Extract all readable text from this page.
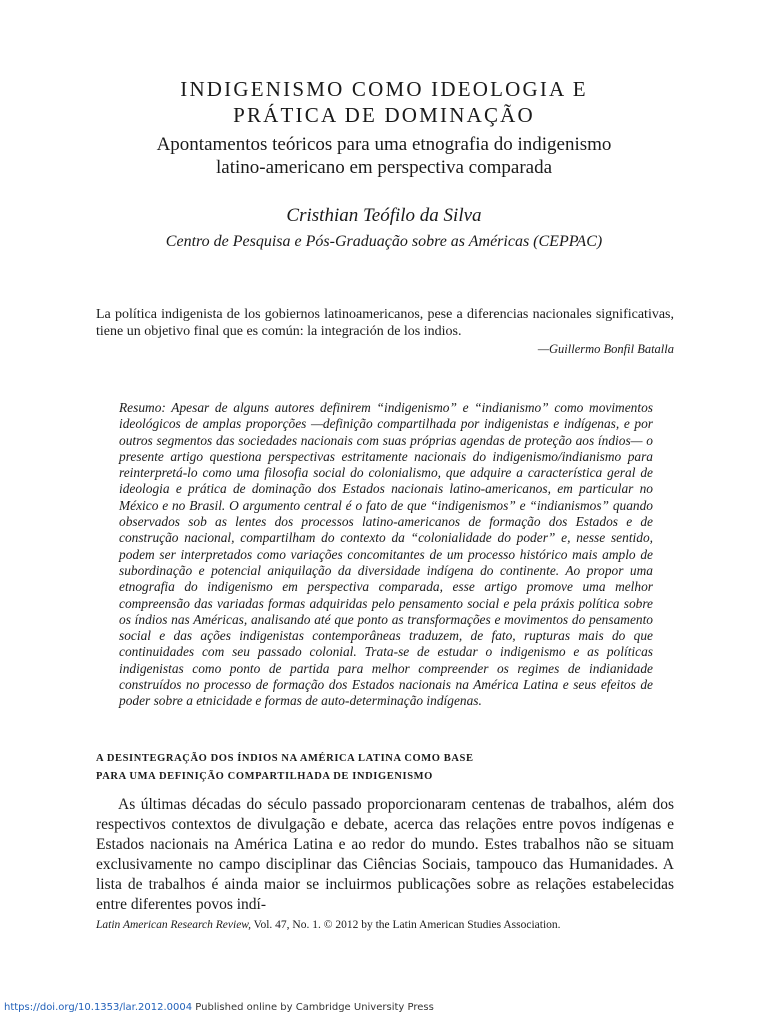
INDIGENISMO COMO IDEOLOGIA E
PRÁTICA DE DOMINAÇÃO
Apontamentos teóricos para uma etnografia do indigenismo
latino-americano em perspectiva comparada
Cristhian Teófilo da Silva
Centro de Pesquisa e Pós-Graduação sobre as Américas (CEPPAC)
La política indigenista de los gobiernos latinoamericanos, pese a diferencias nacionales significativas, tiene un objetivo final que es común: la integración de los indios.
—Guillermo Bonfil Batalla
Resumo: Apesar de alguns autores definirem “indigenismo” e “indianismo” como movimentos ideológicos de amplas proporções —definição compartilhada por indigenistas e indígenas, e por outros segmentos das sociedades nacionais com suas próprias agendas de proteção aos índios— o presente artigo questiona perspectivas estritamente nacionais do indigenismo/indianismo para reinterpretá-lo como uma filosofia social do colonialismo, que adquire a característica geral de ideologia e prática de dominação dos Estados nacionais latino-americanos, em particular no México e no Brasil. O argumento central é o fato de que “indigenismos” e “indianismos” quando observados sob as lentes dos processos latino-americanos de formação dos Estados e de construção nacional, compartilham do contexto da “colonialidade do poder” e, nesse sentido, podem ser interpretados como variações concomitantes de um processo histórico mais amplo de subordinação e potencial aniquilação da diversidade indígena do continente. Ao propor uma etnografia do indigenismo em perspectiva comparada, esse artigo promove uma melhor compreensão das variadas formas adquiridas pelo pensamento social e pela práxis política sobre os índios nas Américas, analisando até que ponto as transformações e movimentos do pensamento social e das ações indigenistas contemporâneas traduzem, de fato, rupturas mais do que continuidades com seu passado colonial. Trata-se de estudar o indigenismo e as políticas indigenistas como ponto de partida para melhor compreender os regimes de indianidade construídos no processo de formação dos Estados nacionais na América Latina e seus efeitos de poder sobre a etnicidade e formas de auto-determinação indígenas.
A DESINTEGRAÇÃO DOS ÍNDIOS NA AMÉRICA LATINA COMO BASE
PARA UMA DEFINIÇÃO COMPARTILHADA DE INDIGENISMO
As últimas décadas do século passado proporcionaram centenas de trabalhos, além dos respectivos contextos de divulgação e debate, acerca das relações entre povos indígenas e Estados nacionais na América Latina e ao redor do mundo. Estes trabalhos não se situam exclusivamente no campo disciplinar das Ciências Sociais, tampouco das Humanidades. A lista de trabalhos é ainda maior se incluirmos publicações sobre as relações estabelecidas entre diferentes povos indí-
Latin American Research Review, Vol. 47, No. 1. © 2012 by the Latin American Studies Association.
https://doi.org/10.1353/lar.2012.0004 Published online by Cambridge University Press
